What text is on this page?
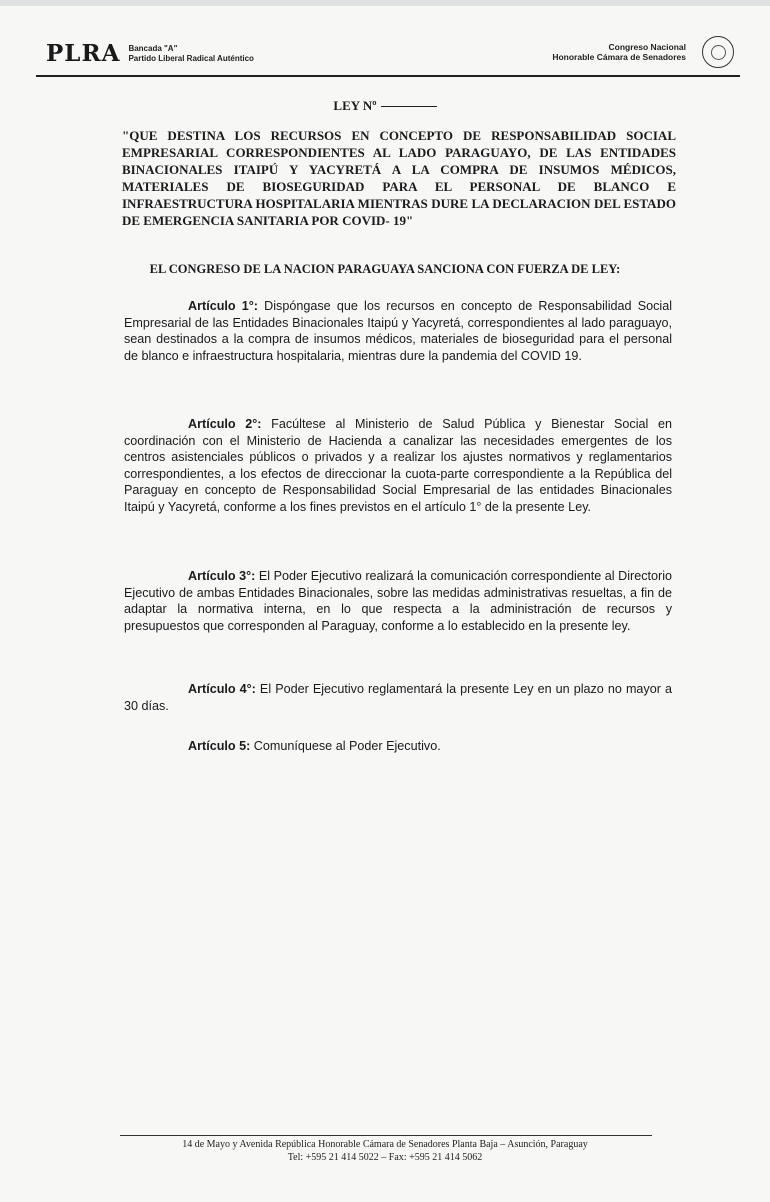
PLRA Bancada "A"
Partido Liberal Radical Auténtico
Congreso Nacional
Honorable Cámara de Senadores
LEY Nº
"QUE DESTINA LOS RECURSOS EN CONCEPTO DE RESPONSABILIDAD SOCIAL EMPRESARIAL CORRESPONDIENTES AL LADO PARAGUAYO, DE LAS ENTIDADES BINACIONALES ITAIPÚ Y YACYRETÁ A LA COMPRA DE INSUMOS MÉDICOS, MATERIALES DE BIOSEGURIDAD PARA EL PERSONAL DE BLANCO E INFRAESTRUCTURA HOSPITALARIA MIENTRAS DURE LA DECLARACION DEL ESTADO DE EMERGENCIA SANITARIA POR COVID- 19"
EL CONGRESO DE LA NACION PARAGUAYA SANCIONA CON FUERZA DE LEY:
Artículo 1°: Dispóngase que los recursos en concepto de Responsabilidad Social Empresarial de las Entidades Binacionales Itaipú y Yacyretá, correspondientes al lado paraguayo, sean destinados a la compra de insumos médicos, materiales de bioseguridad para el personal de blanco e infraestructura hospitalaria, mientras dure la pandemia del COVID 19.
Artículo 2°: Facúltese al Ministerio de Salud Pública y Bienestar Social en coordinación con el Ministerio de Hacienda a canalizar las necesidades emergentes de los centros asistenciales públicos o privados y a realizar los ajustes normativos y reglamentarios correspondientes, a los efectos de direccionar la cuota-parte correspondiente a la República del Paraguay en concepto de Responsabilidad Social Empresarial de las entidades Binacionales Itaipú y Yacyretá, conforme a los fines previstos en el artículo 1° de la presente Ley.
Artículo 3°: El Poder Ejecutivo realizará la comunicación correspondiente al Directorio Ejecutivo de ambas Entidades Binacionales, sobre las medidas administrativas resueltas, a fin de adaptar la normativa interna, en lo que respecta a la administración de recursos y        presupuestos que corresponden al Paraguay, conforme a lo establecido en la presente ley.
Artículo 4°: El Poder Ejecutivo reglamentará la presente Ley en un plazo no mayor a 30 días.
Artículo 5: Comuníquese al Poder Ejecutivo.
14 de Mayo y Avenida República Honorable Cámara de Senadores Planta Baja – Asunción, Paraguay
Tel: +595 21 414 5022 – Fax: +595 21 414 5062
